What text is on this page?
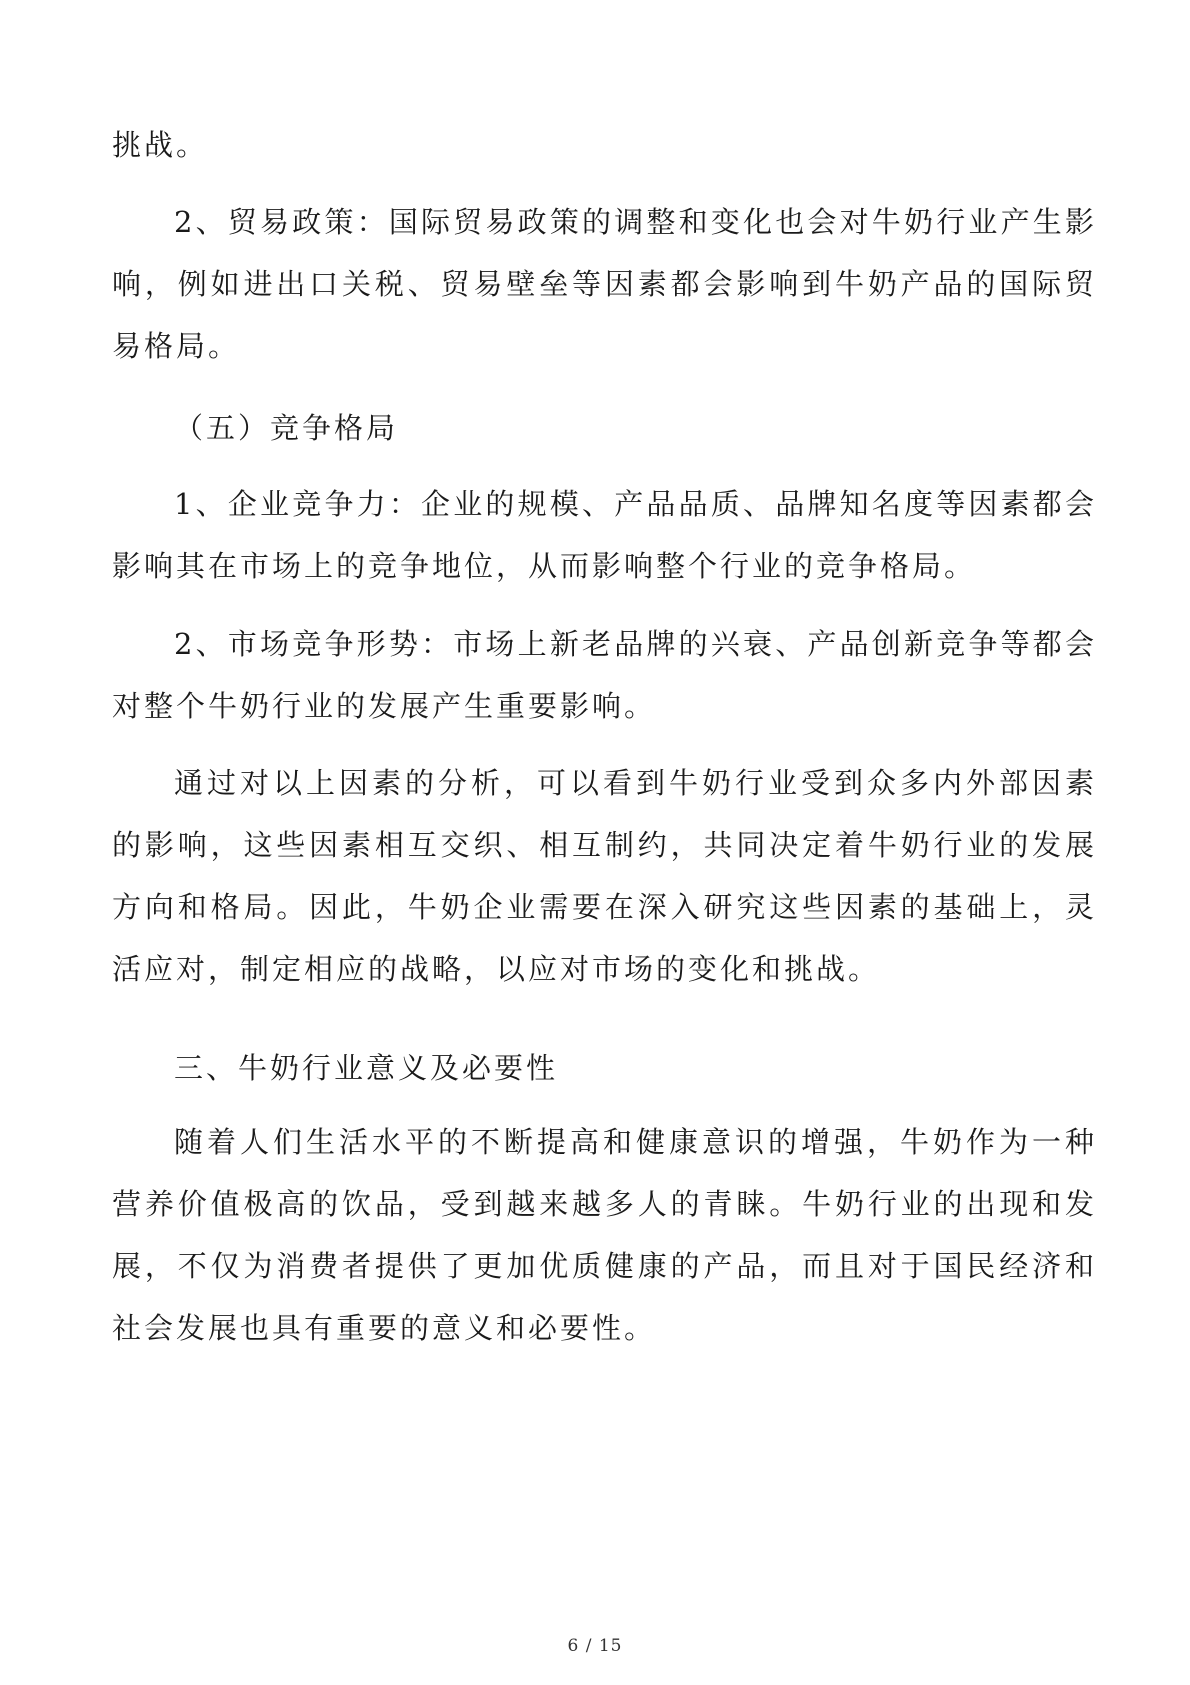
挑战。

2、贸易政策：国际贸易政策的调整和变化也会对牛奶行业产生影响，例如进出口关税、贸易壁垒等因素都会影响到牛奶产品的国际贸易格局。

（五）竞争格局

1、企业竞争力：企业的规模、产品品质、品牌知名度等因素都会影响其在市场上的竞争地位，从而影响整个行业的竞争格局。

2、市场竞争形势：市场上新老品牌的兴衰、产品创新竞争等都会对整个牛奶行业的发展产生重要影响。

通过对以上因素的分析，可以看到牛奶行业受到众多内外部因素的影响，这些因素相互交织、相互制约，共同决定着牛奶行业的发展方向和格局。因此，牛奶企业需要在深入研究这些因素的基础上，灵活应对，制定相应的战略，以应对市场的变化和挑战。

三、牛奶行业意义及必要性

随着人们生活水平的不断提高和健康意识的增强，牛奶作为一种营养价值极高的饮品，受到越来越多人的青睐。牛奶行业的出现和发展，不仅为消费者提供了更加优质健康的产品，而且对于国民经济和社会发展也具有重要的意义和必要性。

6 / 15
